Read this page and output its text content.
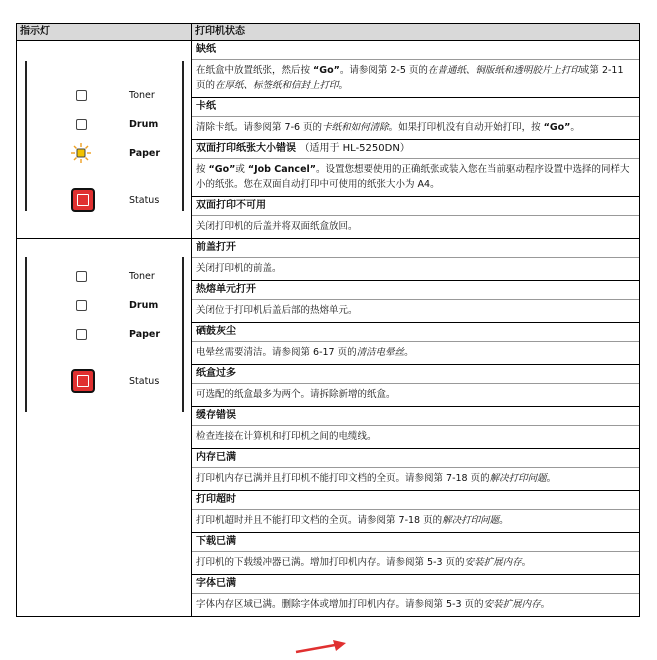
指示灯	打印机状态
Toner
Drum
Paper
Status
缺纸
在纸盒中放置纸张，然后按 “Go”。请参阅第 2-5 页的在普通纸、铜版纸和透明胶片上打印或第 2-11 页的在厚纸、标签纸和信封上打印。
卡纸
清除卡纸。请参阅第 7-6 页的卡纸和如何清除。如果打印机没有自动开始打印，按 “Go”。
双面打印纸张大小错误 （适用于 HL-5250DN）
按 “Go”或 “Job Cancel”。设置您想要使用的正确纸张或装入您在当前驱动程序设置中选择的同样大小的纸张。您在双面自动打印中可使用的纸张大小为 A4。
双面打印不可用
关闭打印机的后盖并将双面纸盒放回。
Toner
Drum
Paper
Status
前盖打开
关闭打印机的前盖。
热熔单元打开
关闭位于打印机后盖后部的热熔单元。
硒鼓灰尘
电晕丝需要清洁。请参阅第 6-17 页的清洁电晕丝。
纸盒过多
可选配的纸盒最多为两个。请拆除新增的纸盒。
缓存错误
检查连接在计算机和打印机之间的电缆线。
内存已满
打印机内存已满并且打印机不能打印文档的全页。请参阅第 7-18 页的解决打印问题。
打印超时
打印机超时并且不能打印文档的全页。请参阅第 7-18 页的解决打印问题。
下载已满
打印机的下载缓冲器已满。增加打印机内存。请参阅第 5-3 页的安装扩展内存。
字体已满
字体内存区域已满。删除字体或增加打印机内存。请参阅第 5-3 页的安装扩展内存。
